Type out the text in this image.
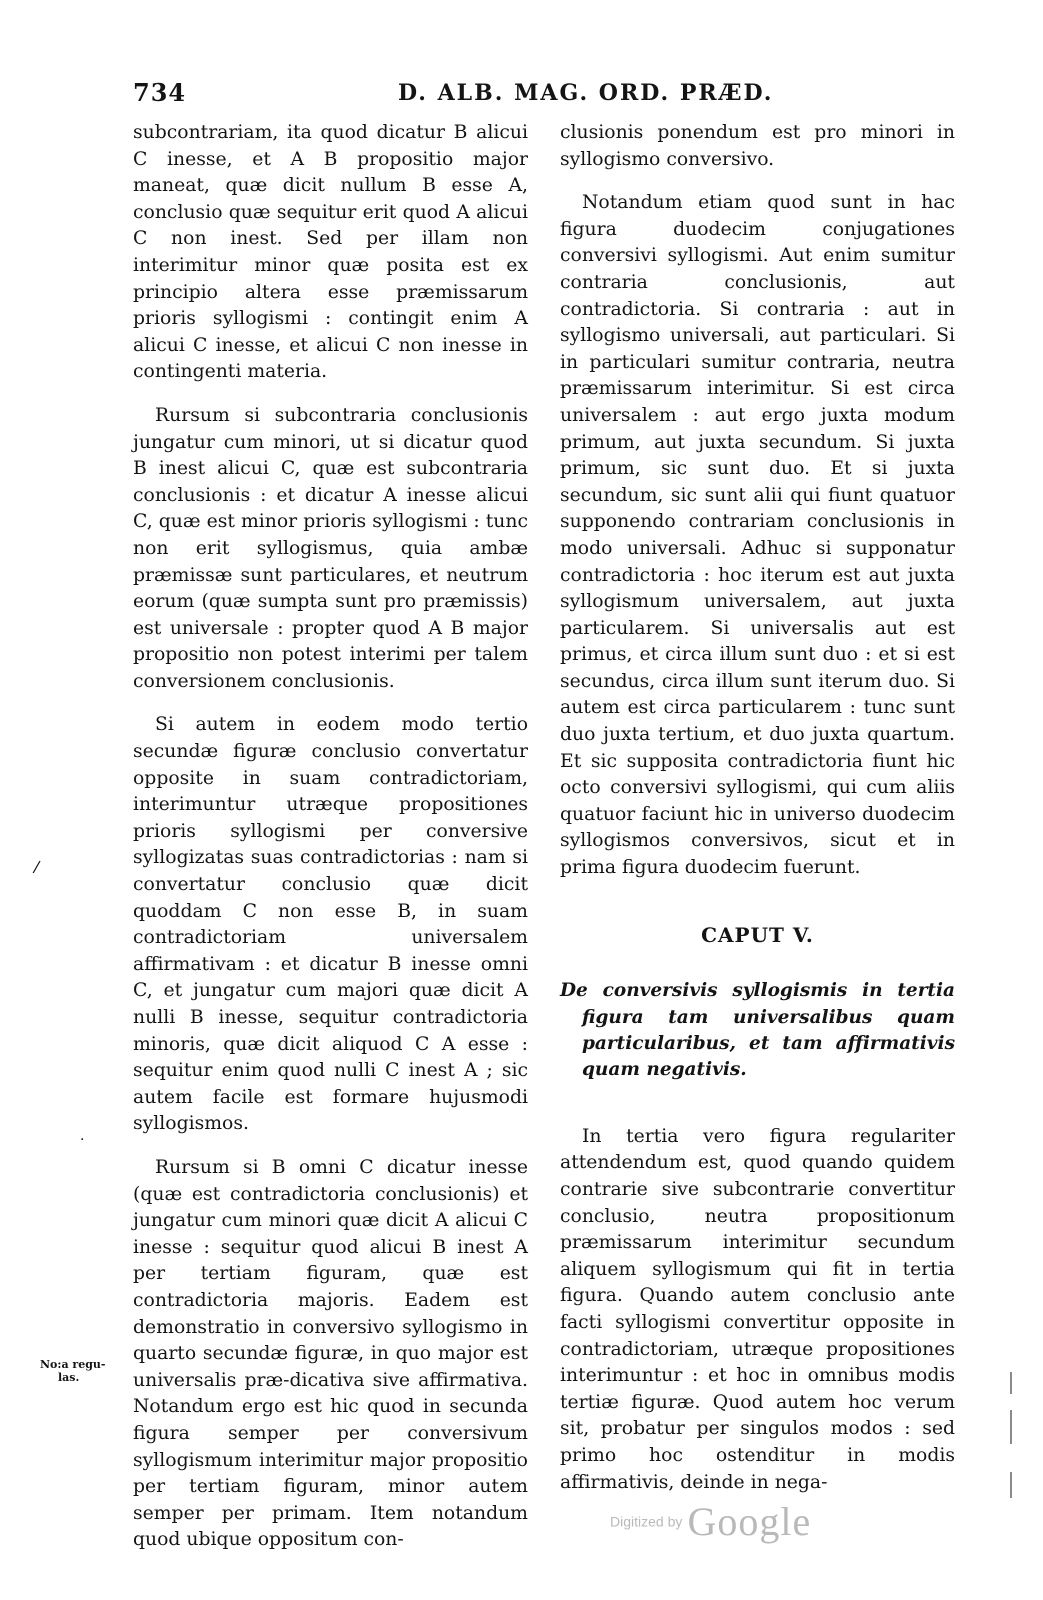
734	D. ALB. MAG. ORD. PRÆD.

subcontrariam, ita quod dicatur B alicui C inesse, et A B propositio major maneat, quæ dicit nullum B esse A, conclusio quæ sequitur erit quod A alicui C non inest. Sed per illam non interimitur minor quæ posita est ex principio altera esse præmissarum prioris syllogismi : contingit enim A alicui C inesse, et alicui C non inesse in contingenti materia.

Rursum si subcontraria conclusionis jungatur cum minori, ut si dicatur quod B inest alicui C, quæ est subcontraria conclusionis : et dicatur A inesse alicui C, quæ est minor prioris syllogismi : tunc non erit syllogismus, quia ambæ præmissæ sunt particulares, et neutrum eorum (quæ sumpta sunt pro præmissis) est universale : propter quod A B major propositio non potest interimi per talem conversionem conclusionis.

Si autem in eodem modo tertio secundæ figuræ conclusio convertatur opposite in suam contradictoriam, interimuntur utræque propositiones prioris syllogismi per conversive syllogizatas suas contradictorias : nam si convertatur conclusio quæ dicit quoddam C non esse B, in suam contradictoriam universalem affirmativam : et dicatur B inesse omni C, et jungatur cum majori quæ dicit A nulli B inesse, sequitur contradictoria minoris, quæ dicit aliquod C A esse : sequitur enim quod nulli C inest A ; sic autem facile est formare hujusmodi syllogismos.

Rursum si B omni C dicatur inesse (quæ est contradictoria conclusionis) et jungatur cum minori quæ dicit A alicui C inesse : sequitur quod alicui B inest A per tertiam figuram, quæ est contradictoria majoris. Eadem est demonstratio in conversivo syllogismo in quarto secundæ figuræ, in quo major est universalis præ-dicativa sive affirmativa. Notandum ergo est hic quod in secunda figura semper per conversivum syllogismum interimitur major propositio per tertiam figuram, minor autem semper per primam. Item notandum quod ubique oppositum con-

clusionis ponendum est pro minori in syllogismo conversivo.

Notandum etiam quod sunt in hac figura duodecim conjugationes conversivi syllogismi. Aut enim sumitur contraria conclusionis, aut contradictoria. Si contraria : aut in syllogismo universali, aut particulari. Si in particulari sumitur contraria, neutra præmissarum interimitur. Si est circa universalem : aut ergo juxta modum primum, aut juxta secundum. Si juxta primum, sic sunt duo. Et si juxta secundum, sic sunt alii qui fiunt quatuor supponendo contrariam conclusionis in modo universali. Adhuc si supponatur contradictoria : hoc iterum est aut juxta syllogismum universalem, aut juxta particularem. Si universalis aut est primus, et circa illum sunt duo : et si est secundus, circa illum sunt iterum duo. Si autem est circa particularem : tunc sunt duo juxta tertium, et duo juxta quartum. Et sic supposita contradictoria fiunt hic octo conversivi syllogismi, qui cum aliis quatuor faciunt hic in universo duodecim syllogismos conversivos, sicut et in prima figura duodecim fuerunt.

CAPUT V.
De conversivis syllogismis in tertia figura tam universalibus quam particularibus, et tam affirmativis quam negativis.

In tertia vero figura regulariter attendendum est, quod quando quidem contrarie sive subcontrarie convertitur conclusio, neutra propositionum præmissarum interimitur secundum aliquem syllogismum qui fit in tertia figura. Quando autem conclusio ante facti syllogismi convertitur opposite in contradictoriam, utræque propositiones interimuntur : et hoc in omnibus modis tertiæ figuræ. Quod autem hoc verum sit, probatur per singulos modos : sed primo hoc ostenditur in modis affirmativis, deinde in nega-

/
·
No:a regu-
las.
Digitized by Google
